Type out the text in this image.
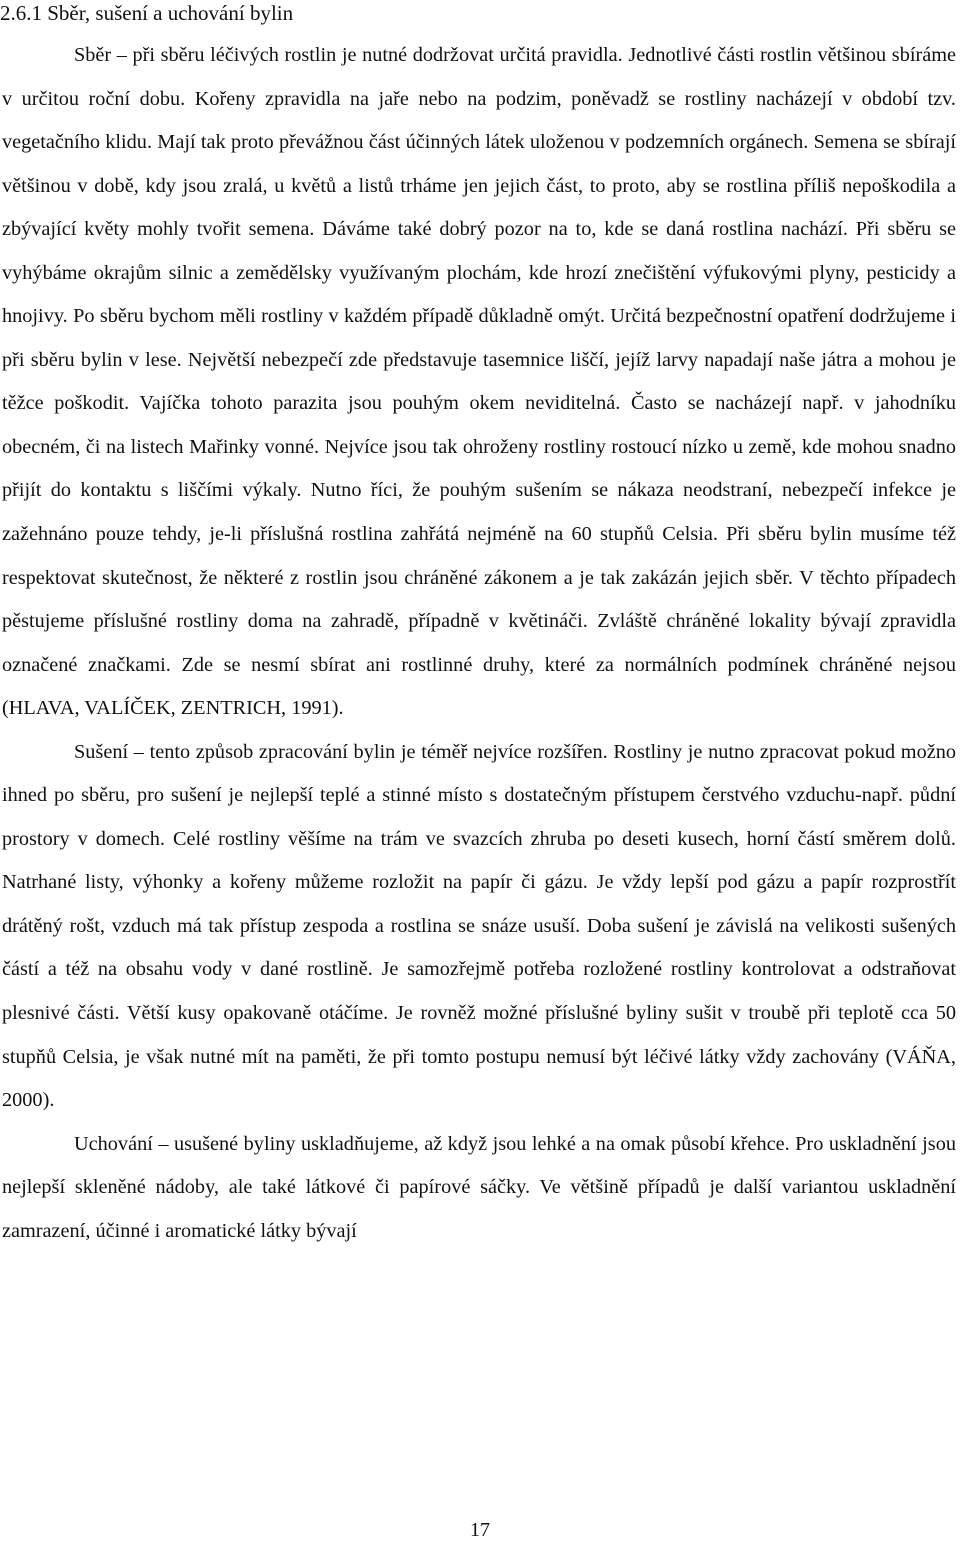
2.6.1 Sběr, sušení a uchování bylin

Sběr – při sběru léčivých rostlin je nutné dodržovat určitá pravidla. Jednotlivé části rostlin většinou sbíráme v určitou roční dobu. Kořeny zpravidla na jaře nebo na podzim, poněvadž se rostliny nacházejí v období tzv. vegetačního klidu. Mají tak proto převážnou část účinných látek uloženou v podzemních orgánech. Semena se sbírají většinou v době, kdy jsou zralá, u květů a listů trháme jen jejich část, to proto, aby se rostlina příliš nepoškodila a zbývající květy mohly tvořit semena. Dáváme také dobrý pozor na to, kde se daná rostlina nachází. Při sběru se vyhýbáme okrajům silnic a zemědělsky využívaným plochám, kde hrozí znečištění výfukovými plyny, pesticidy a hnojivy. Po sběru bychom měli rostliny v každém případě důkladně omýt. Určitá bezpečnostní opatření dodržujeme i při sběru bylin v lese. Největší nebezpečí zde představuje tasemnice liščí, jejíž larvy napadají naše játra a mohou je těžce poškodit. Vajíčka tohoto parazita jsou pouhým okem neviditelná. Často se nacházejí např. v jahodníku obecném, či na listech Mařinky vonné. Nejvíce jsou tak ohroženy rostliny rostoucí nízko u země, kde mohou snadno přijít do kontaktu s liščími výkaly. Nutno říci, že pouhým sušením se nákaza neodstraní, nebezpečí infekce je zažehnáno pouze tehdy, je-li příslušná rostlina zahřátá nejméně na 60 stupňů Celsia. Při sběru bylin musíme též respektovat skutečnost, že některé z rostlin jsou chráněné zákonem a je tak zakázán jejich sběr. V těchto případech pěstujeme příslušné rostliny doma na zahradě, případně v květináči. Zvláště chráněné lokality bývají zpravidla označené značkami. Zde se nesmí sbírat ani rostlinné druhy, které za normálních podmínek chráněné nejsou (HLAVA, VALÍČEK, ZENTRICH, 1991).

Sušení – tento způsob zpracování bylin je téměř nejvíce rozšířen. Rostliny je nutno zpracovat pokud možno ihned po sběru, pro sušení je nejlepší teplé a stinné místo s dostatečným přístupem čerstvého vzduchu-např. půdní prostory v domech. Celé rostliny věšíme na trám ve svazcích zhruba po deseti kusech, horní částí směrem dolů. Natrhané listy, výhonky a kořeny můžeme rozložit na papír či gázu. Je vždy lepší pod gázu a papír rozprostřít drátěný rošt, vzduch má tak přístup zespoda a rostlina se snáze usuší. Doba sušení je závislá na velikosti sušených částí a též na obsahu vody v dané rostlině. Je samozřejmě potřeba rozložené rostliny kontrolovat a odstraňovat plesnivé části. Větší kusy opakovaně otáčíme. Je rovněž možné příslušné byliny sušit v troubě při teplotě cca 50 stupňů Celsia, je však nutné mít na paměti, že při tomto postupu nemusí být léčivé látky vždy zachovány (VÁŇA, 2000).

Uchování – usušené byliny uskladňujeme, až když jsou lehké a na omak působí křehce. Pro uskladnění jsou nejlepší skleněné nádoby, ale také látkové či papírové sáčky. Ve většině případů je další variantou uskladnění zamrazení, účinné i aromatické látky bývají

17
